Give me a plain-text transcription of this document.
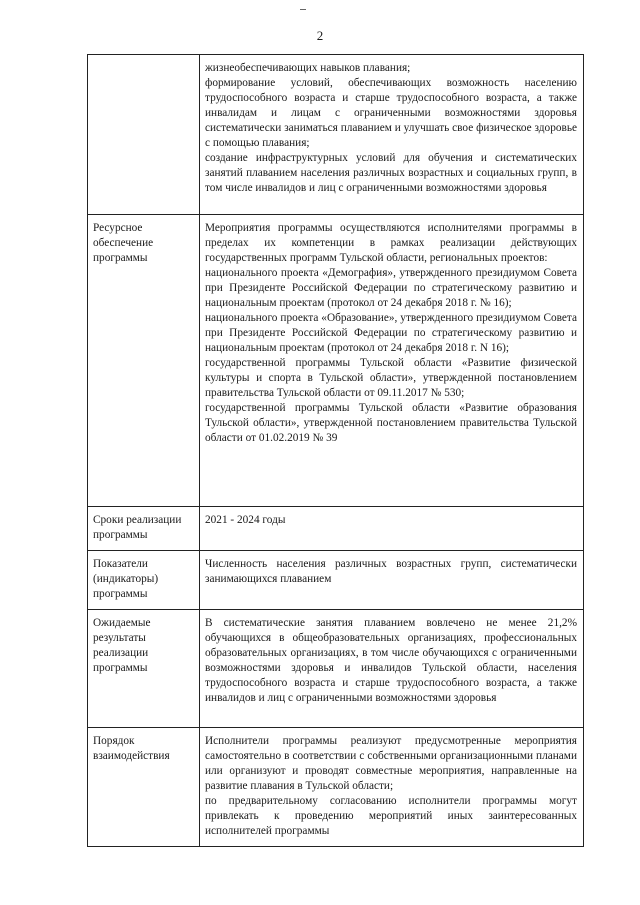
2

	жизнеобеспечивающих навыков плавания;

формирование условий, обеспечивающих возможность населению трудоспособного возраста и старше трудоспособного возраста, а также инвалидам и лицам с ограниченными возможностями здоровья систематически заниматься плаванием и улучшать свое физическое здоровье с помощью плавания;

создание инфраструктурных условий для обучения и систематических занятий плаванием населения различных возрастных и социальных групп, в том числе инвалидов и лиц с ограниченными возможностями здоровья

Ресурсное обеспечение программы	Мероприятия программы осуществляются исполнителями программы в пределах их компетенции в рамках реализации действующих государственных программ Тульской области, региональных проектов:

национального проекта «Демография», утвержденного президиумом Совета при Президенте Российской Федерации по стратегическому развитию и национальным проектам (протокол от 24 декабря 2018 г. № 16);

национального проекта «Образование», утвержденного президиумом Совета при Президенте Российской Федерации по стратегическому развитию и национальным проектам (протокол от 24 декабря 2018 г. N 16);

государственной программы Тульской области «Развитие физической культуры и спорта в Тульской области», утвержденной постановлением правительства Тульской области от 09.11.2017 № 530;

государственной программы Тульской области «Развитие образования Тульской области», утвержденной постановлением правительства Тульской области от 01.02.2019 № 39

Сроки реализации программы	2021 - 2024 годы

Показатели (индикаторы) программы	Численность населения различных возрастных групп, систематически занимающихся плаванием

Ожидаемые результаты реализации программы	В систематические занятия плаванием вовлечено не менее 21,2% обучающихся в общеобразовательных организациях, профессиональных образовательных организациях, в том числе обучающихся с ограниченными возможностями здоровья и инвалидов Тульской области, населения трудоспособного возраста и старше трудоспособного возраста, а также инвалидов и лиц с ограниченными возможностями здоровья

Порядок взаимодействия	Исполнители программы реализуют предусмотренные мероприятия самостоятельно в соответствии с собственными организационными планами или организуют и проводят совместные мероприятия, направленные на развитие плавания в Тульской области;

по предварительному согласованию исполнители программы могут привлекать к проведению мероприятий иных заинтересованных исполнителей программы
